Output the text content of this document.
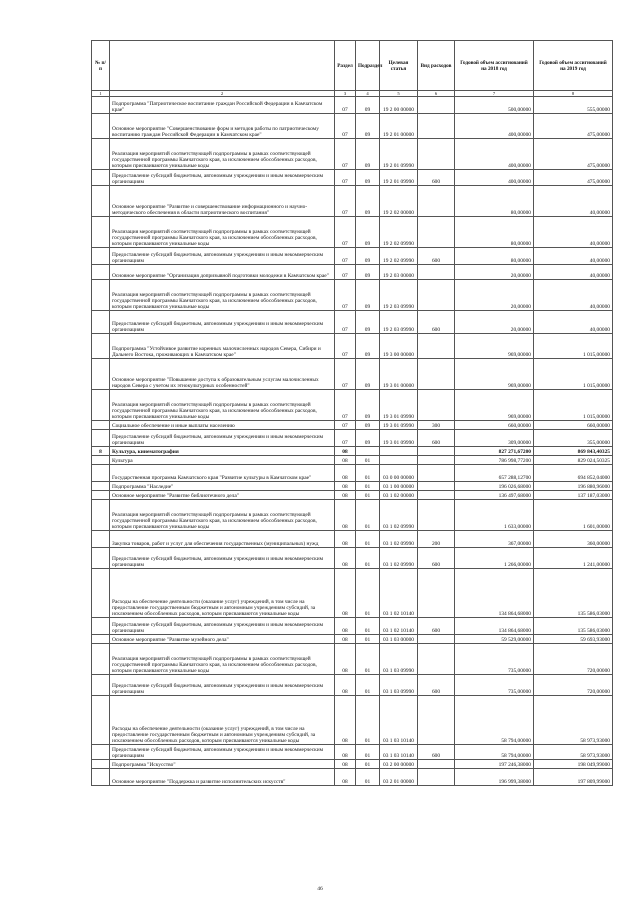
№ п/п		Раздел	Подраздел	Целевая статья	Вид расходов	Годовой объем ассигнований на 2018 год	Годовой объем ассигнований на 2019 год
1	2	3	4	5	6	7	8
	Подпрограмма "Патриотическое воспитание граждан Российской Федерации в Камчатском крае"	07	09	19 2 00 00000		500,00000	555,00000
	Основное мероприятие "Совершенствование форм и методов работы по патриотическому воспитанию граждан Российской Федерации в Камчатском крае"	07	09	19 2 01 00000		400,00000	475,00000
	Реализация мероприятий соответствующей подпрограммы в рамках соответствующей государственной программы Камчатского края, за исключением обособленных расходов, которым присваиваются уникальные коды	07	09	19 2 01 09990		400,00000	475,00000
	Предоставление субсидий бюджетным, автономным учреждениям и иным некоммерческим организациям	07	09	19 2 01 09990	600	400,00000	475,00000
	Основное мероприятие "Развитие и совершенствование информационного и научно-методического обеспечения в области патриотического воспитания"	07	09	19 2 02 00000		80,00000	40,00000
	Реализация мероприятий соответствующей подпрограммы в рамках соответствующей государственной программы Камчатского края, за исключением обособленных расходов, которым присваиваются уникальные коды	07	09	19 2 02 09990		80,00000	40,00000
	Предоставление субсидий бюджетным, автономным учреждениям и иным некоммерческим организациям	07	09	19 2 02 09990	600	80,00000	40,00000
	Основное мероприятие "Организация допризывной подготовки молодежи в Камчатском крае"	07	09	19 2 03 00000		20,00000	40,00000
	Реализация мероприятий соответствующей подпрограммы в рамках соответствующей государственной программы Камчатского края, за исключением обособленных расходов, которым присваиваются уникальные коды	07	09	19 2 03 09990		20,00000	40,00000
	Предоставление субсидий бюджетным, автономным учреждениям и иным некоммерческим организациям	07	09	19 2 03 09990	600	20,00000	40,00000
	Подпрограмма "Устойчивое развитие коренных малочисленных народов Севера, Сибири и Дальнего Востока, проживающих в Камчатском крае"	07	09	19 3 00 00000		969,00000	1 015,00000
	Основное мероприятие "Повышение доступа к образовательным услугам малочисленных народов Севера с учетом их этнокультурных особенностей"	07	09	19 3 01 00000		969,00000	1 015,00000
	Реализация мероприятий соответствующей подпрограммы в рамках соответствующей государственной программы Камчатского края, за исключением обособленных расходов, которым присваиваются уникальные коды	07	09	19 3 01 09990		969,00000	1 015,00000
	Социальное обеспечение и иные выплаты населению	07	09	19 3 01 09990	300	660,00000	660,00000
	Предоставление субсидий бюджетным, автономным учреждениям и иным некоммерческим организациям	07	09	19 3 01 09990	600	309,00000	355,00000
8	Культура, кинематография	08				827 271,67200	869 843,40325
	Культура	08	01			786 998,77200	829 024,50325
	Государственная программа Камчатского края "Развитие культуры в Камчатском крае"	08	01	03 0 00 00000		657 288,12700	694 852,04000
	Подпрограмма "Наследие"	08	01	03 1 00 00000		196 026,68000	196 880,96000
	Основное мероприятие "Развитие библиотечного дела"	08	01	03 1 02 00000		136 497,68000	137 187,03000
	Реализация мероприятий соответствующей подпрограммы в рамках соответствующей государственной программы Камчатского края, за исключением обособленных расходов, которым присваиваются уникальные коды	08	01	03 1 02 09990		1 633,00000	1 601,00000
	Закупка товаров, работ и услуг для обеспечения государственных (муниципальных) нужд	08	01	03 1 02 09990	200	367,00000	360,00000
	Предоставление субсидий бюджетным, автономным учреждениям и иным некоммерческим организациям	08	01	03 1 02 09990	600	1 266,00000	1 241,00000
	Расходы на обеспечение деятельности (оказание услуг) учреждений, в том числе на предоставление государственным бюджетным и автономным учреждениям субсидий, за исключением обособленных расходов, которым присваиваются уникальные коды	08	01	03 1 02 10140		134 864,68000	135 586,03000
	Предоставление субсидий бюджетным, автономным учреждениям и иным некоммерческим организациям	08	01	03 1 02 10140	600	134 864,68000	135 586,03000
	Основное мероприятие "Развитие музейного дела"	08	01	03 1 03 00000		59 529,00000	59 693,93000
	Реализация мероприятий соответствующей подпрограммы в рамках соответствующей государственной программы Камчатского края, за исключением обособленных расходов, которым присваиваются уникальные коды	08	01	03 1 03 09990		735,00000	720,00000
	Предоставление субсидий бюджетным, автономным учреждениям и иным некоммерческим организациям	08	01	03 1 03 09990	600	735,00000	720,00000
	Расходы на обеспечение деятельности (оказание услуг) учреждений, в том числе на предоставление государственным бюджетным и автономным учреждениям субсидий, за исключением обособленных расходов, которым присваиваются уникальные коды	08	01	03 1 03 10140		58 794,00000	58 973,93000
	Предоставление субсидий бюджетным, автономным учреждениям и иным некоммерческим организациям	08	01	03 1 03 10140	600	58 794,00000	58 973,93000
	Подпрограмма "Искусство"	08	01	03 2 00 00000		197 246,38000	198 049,99000
	Основное мероприятие "Поддержка и развитие исполнительских искусств"	08	01	03 2 01 00000		196 999,38000	197 809,99000
46
